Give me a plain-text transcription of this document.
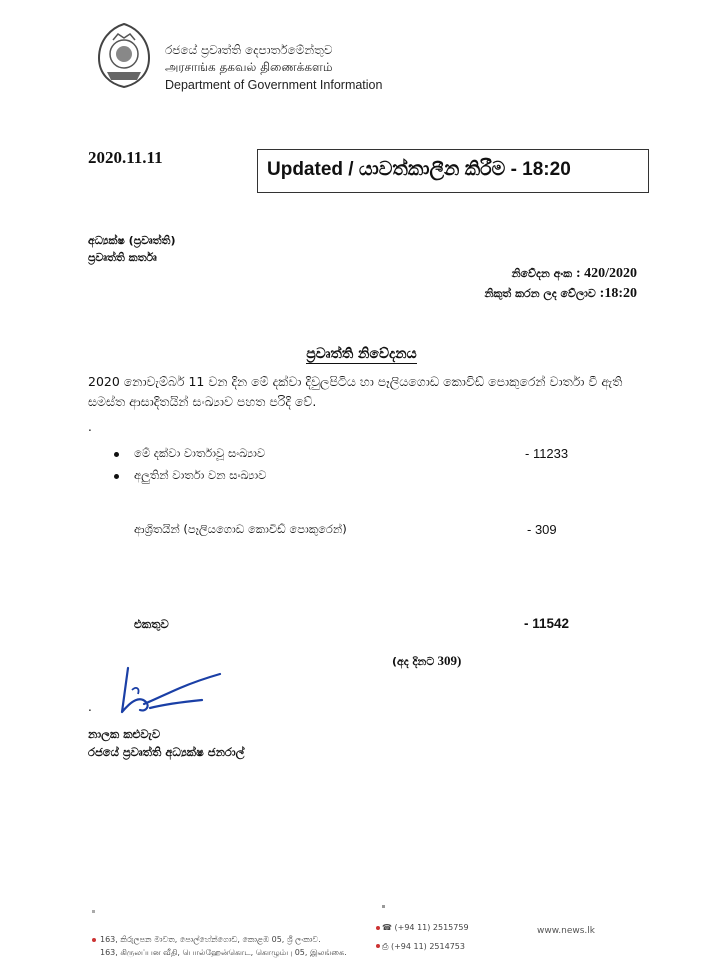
රජයේ ප්‍රවෘත්ති දෙපාර්තමේන්තුව
அரசாங்க தகவல் திணைக்களம்
Department of Government Information
2020.11.11
Updated / යාවත්කාලීන කිරීම - 18:20
අධ්‍යක්ෂ (ප්‍රවෘත්ති)
ප්‍රවෘත්ති කර්තෘ
නිවේදන අංක : 420/2020
නිකුත් කරන ලද වේලාව :18:20
ප්‍රවෘත්ති නිවේදනය
2020 නොවැම්බර් 11 වන දින මේ දක්වා දිවුලපිටිය හා පෑලියගොඩ කොවිඩ් පොකුරෙන් වාර්තා වී ඇති සමස්ත ආසාදිතයින් සංඛ්‍යාව පහත පරිදි වේ.
.
මේ දක්වා වාර්තාවූ සංඛ්‍යාව	- 11233
අලුතින් වාර්තා වන සංඛ්‍යාව
ආශ්‍රිතයින් (පෑලියගොඩ කොවිඩ් පොකුරෙන්)	- 309
එකතුව	- 11542
(අද දිනට 309)
.
නාලක කළුවැව
රජයේ ප්‍රවෘත්ති අධ්‍යක්ෂ ජනරාල්
163, කිරුලපන මාවත, පොල්හේන්ගොඩ, කොළඹ 05, ශ්‍රී ලංකාව.
163, கிருலப்பன வீதி, பொல்ஹேன்கொட, கொழும்பு 05, இலங்கை.
☎ (+94 11) 2515759
⎙ (+94 11) 2514753
www.news.lk
